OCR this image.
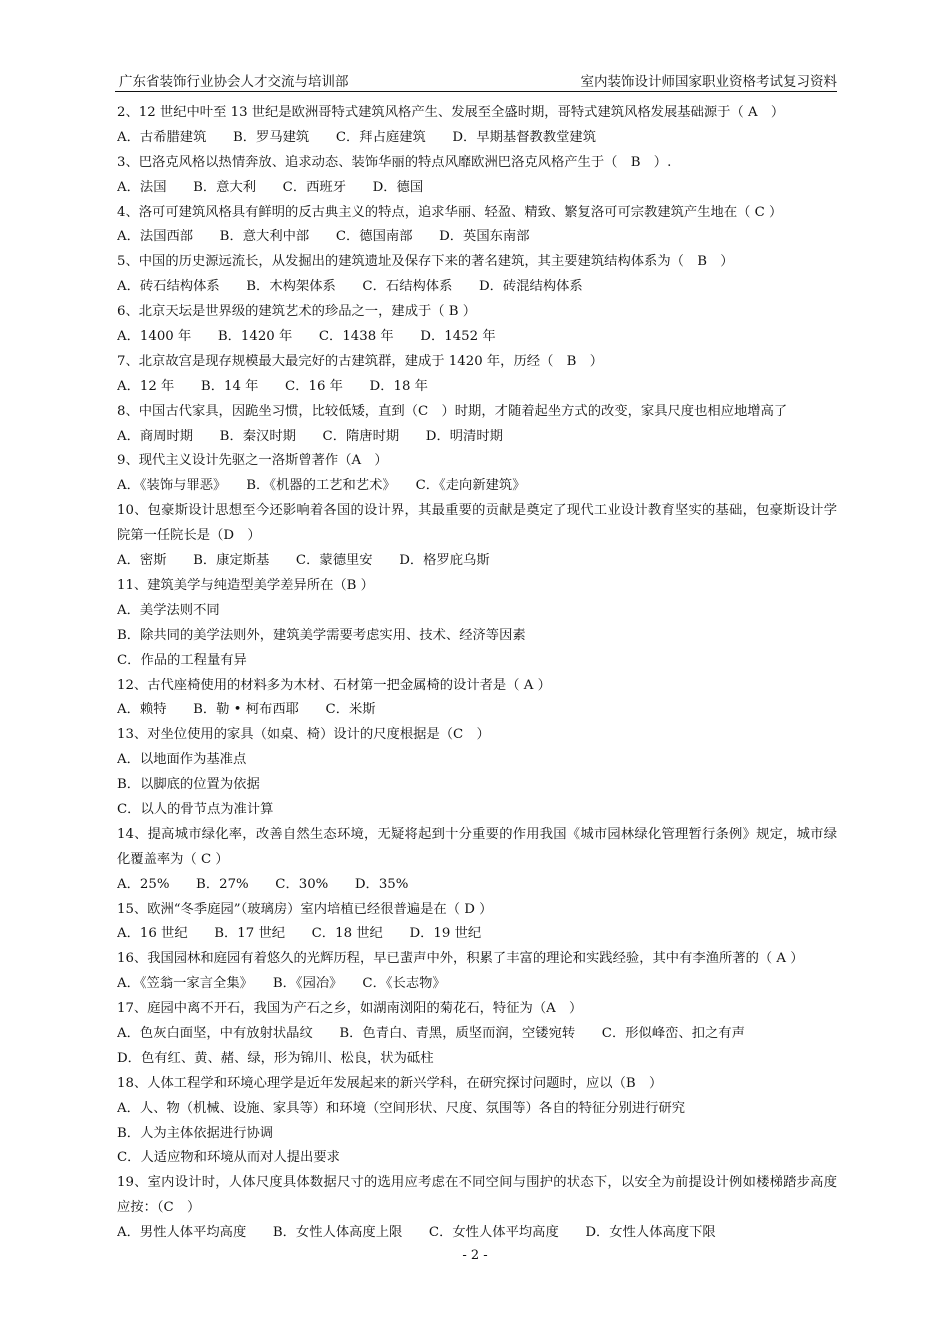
广东省装饰行业协会人才交流与培训部	室内装饰设计师国家职业资格考试复习资料
2、12 世纪中叶至 13 世纪是欧洲哥特式建筑风格产生、发展至全盛时期，哥特式建筑风格发展基础源于（ A　）
A．古希腊建筑　　B．罗马建筑　　C．拜占庭建筑　　D．早期基督教教堂建筑
3、巴洛克风格以热情奔放、追求动态、装饰华丽的特点风靡欧洲巴洛克风格产生于（　B　）.
A．法国　　B．意大利　　C．西班牙　　D．德国
4、洛可可建筑风格具有鲜明的反古典主义的特点，追求华丽、轻盈、精致、繁复洛可可宗教建筑产生地在（ C ）
A．法国西部　　B．意大利中部　　C．德国南部　　D．英国东南部
5、中国的历史源远流长，从发掘出的建筑遗址及保存下来的著名建筑，其主要建筑结构体系为（　B　）
A．砖石结构体系　　B．木构架体系　　C．石结构体系　　D．砖混结构体系
6、北京天坛是世界级的建筑艺术的珍品之一，建成于（ B ）
A．1400 年　　B．1420 年　　C．1438 年　　D．1452 年
7、北京故宫是现存规模最大最完好的古建筑群，建成于 1420 年，历经（　B　）
A．12 年　　B．14 年　　C．16 年　　D．18 年
8、中国古代家具，因跪坐习惯，比较低矮，直到（C　）时期，才随着起坐方式的改变，家具尺度也相应地增高了
A．商周时期　　B．秦汉时期　　C．隋唐时期　　D．明清时期
9、现代主义设计先驱之一洛斯曾著作（A　）
A．《装饰与罪恶》　　B．《机器的工艺和艺术》　　C．《走向新建筑》
10、包豪斯设计思想至今还影响着各国的设计界，其最重要的贡献是奠定了现代工业设计教育坚实的基础，包豪斯设计学院第一任院长是（D　）
A．密斯　　B．康定斯基　　C．蒙德里安　　D．格罗庇乌斯
11、建筑美学与纯造型美学差异所在（B ）
A．美学法则不同
B．除共同的美学法则外，建筑美学需要考虑实用、技术、经济等因素
C．作品的工程量有异
12、古代座椅使用的材料多为木材、石材第一把金属椅的设计者是（ A ）
A．赖特　　B．勒 • 柯布西耶　　C．米斯
13、对坐位使用的家具（如桌、椅）设计的尺度根据是（C　）
A．以地面作为基准点
B．以脚底的位置为依据
C．以人的骨节点为准计算
14、提高城市绿化率，改善自然生态环境，无疑将起到十分重要的作用我国《城市园林绿化管理暂行条例》规定，城市绿化覆盖率为（ C ）
A．25%　　B．27%　　C．30%　　D．35%
15、欧洲“冬季庭园”（玻璃房）室内培植已经很普遍是在（ D ）
A．16 世纪　　B．17 世纪　　C．18 世纪　　D．19 世纪
16、我国园林和庭园有着悠久的光辉历程，早已蜚声中外，积累了丰富的理论和实践经验，其中有李渔所著的（ A ）
A．《笠翁一家言全集》　　B．《园冶》　　C．《长志物》
17、庭园中离不开石，我国为产石之乡，如湖南浏阳的菊花石，特征为（A　）
A．色灰白面坚，中有放射状晶纹　　B．色青白、青黑，质坚而润，空镂宛转　　C．形似峰峦、扣之有声
D．色有红、黄、赭、绿，形为锦川、松良，状为砥柱
18、人体工程学和环境心理学是近年发展起来的新兴学科，在研究探讨问题时，应以（B　）
A．人、物（机械、设施、家具等）和环境（空间形状、尺度、氛围等）各自的特征分别进行研究
B．人为主体依据进行协调
C．人适应物和环境从而对人提出要求
19、室内设计时，人体尺度具体数据尺寸的选用应考虑在不同空间与围护的状态下，以安全为前提设计例如楼梯踏步高度应按：（C　）
A．男性人体平均高度　　B．女性人体高度上限　　C．女性人体平均高度　　D．女性人体高度下限
- 2 -
